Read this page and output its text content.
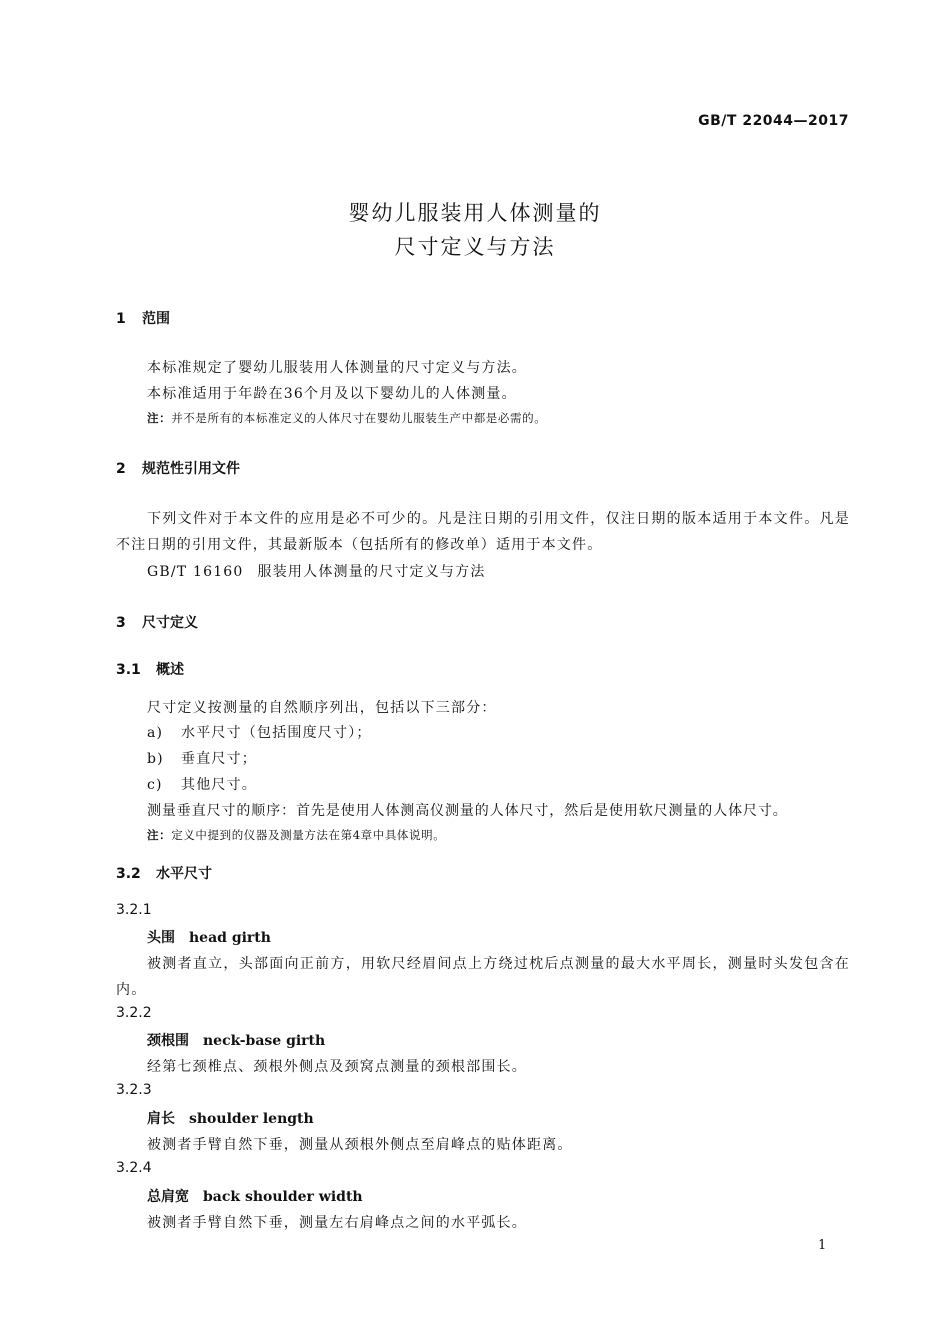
GB/T 22044—2017
婴幼儿服装用人体测量的
尺寸定义与方法
1 范围
本标准规定了婴幼儿服装用人体测量的尺寸定义与方法。
本标准适用于年龄在36个月及以下婴幼儿的人体测量。
注：并不是所有的本标准定义的人体尺寸在婴幼儿服装生产中都是必需的。
2 规范性引用文件
下列文件对于本文件的应用是必不可少的。凡是注日期的引用文件，仅注日期的版本适用于本文件。凡是不注日期的引用文件，其最新版本（包括所有的修改单）适用于本文件。
GB/T 16160 服装用人体测量的尺寸定义与方法
3 尺寸定义
3.1 概述
尺寸定义按测量的自然顺序列出，包括以下三部分：
a) 水平尺寸（包括围度尺寸）；
b) 垂直尺寸；
c) 其他尺寸。
测量垂直尺寸的顺序：首先是使用人体测高仪测量的人体尺寸，然后是使用软尺测量的人体尺寸。
注：定义中提到的仪器及测量方法在第4章中具体说明。
3.2 水平尺寸
3.2.1
头围 head girth
被测者直立，头部面向正前方，用软尺经眉间点上方绕过枕后点测量的最大水平周长，测量时头发包含在内。
3.2.2
颈根围 neck-base girth
经第七颈椎点、颈根外侧点及颈窝点测量的颈根部围长。
3.2.3
肩长 shoulder length
被测者手臂自然下垂，测量从颈根外侧点至肩峰点的贴体距离。
3.2.4
总肩宽 back shoulder width
被测者手臂自然下垂，测量左右肩峰点之间的水平弧长。
1
